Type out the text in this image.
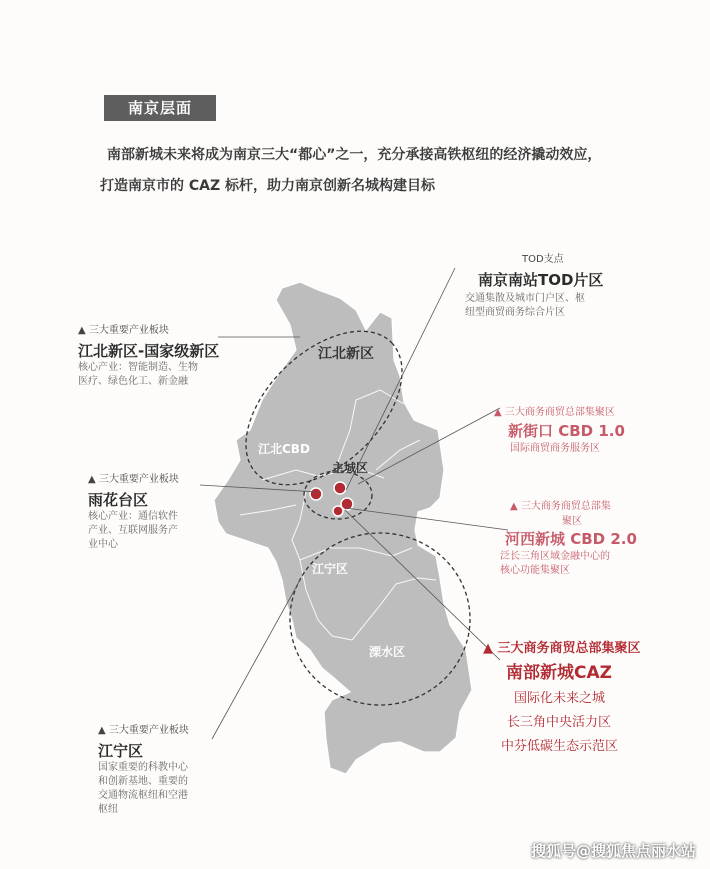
南京层面
南部新城未来将成为南京三大“都心”之一，充分承接高铁枢纽的经济撬动效应，
打造南京市的 CAZ 标杆，助力南京创新名城构建目标
江北新区
江北CBD
主城区
江宁区
溧水区
TOD支点
南京南站TOD片区
交通集散及城市门户区、枢
纽型商贸商务综合片区
▲ 三大重要产业板块
江北新区-国家级新区
核心产业：智能制造、生物
医疗、绿色化工、新金融
▲ 三大商务商贸总部集聚区
新街口 CBD 1.0
国际商贸商务服务区
▲ 三大重要产业板块
雨花台区
核心产业：通信软件
产业、互联网服务产
业中心
▲ 三大商务商贸总部集
聚区
河西新城 CBD 2.0
泛长三角区域金融中心的
核心功能集聚区
▲ 三大商务商贸总部集聚区
南部新城CAZ
国际化未来之城
长三角中央活力区
中芬低碳生态示范区
▲ 三大重要产业板块
江宁区
国家重要的科教中心
和创新基地、重要的
交通物流枢纽和空港
枢纽
搜狐号@搜狐焦点丽水站
